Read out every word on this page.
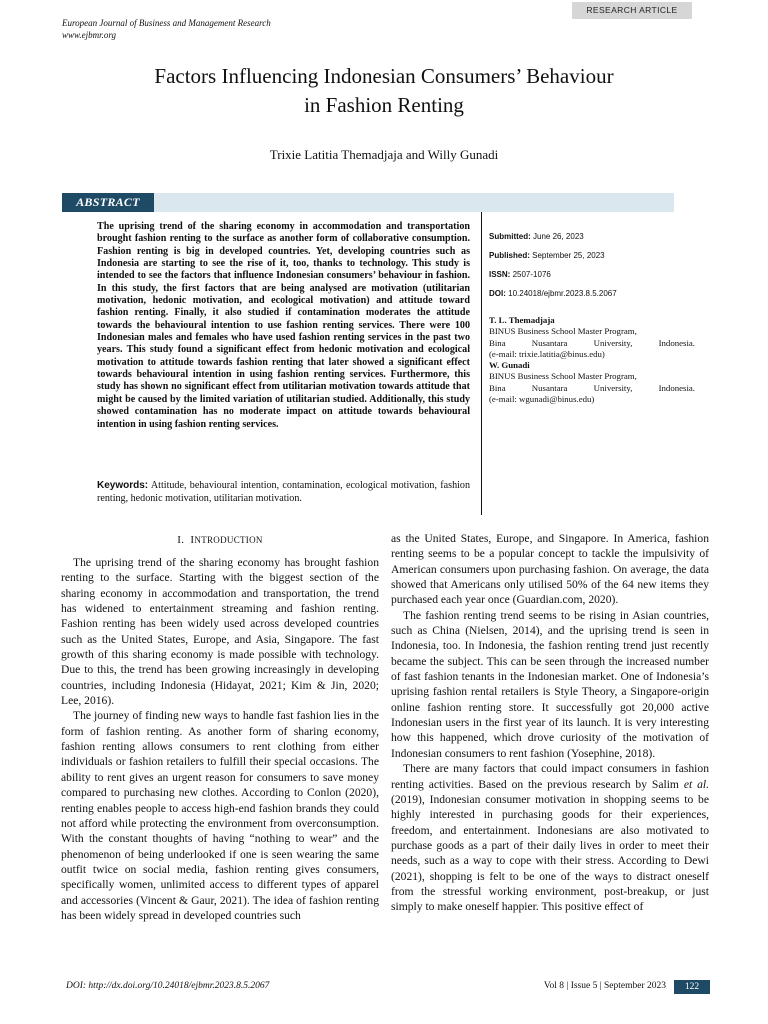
RESEARCH ARTICLE
European Journal of Business and Management Research
www.ejbmr.org
Factors Influencing Indonesian Consumers’ Behaviour
in Fashion Renting
Trixie Latitia Themadjaja and Willy Gunadi
ABSTRACT
The uprising trend of the sharing economy in accommodation and transportation brought fashion renting to the surface as another form of collaborative consumption. Fashion renting is big in developed countries. Yet, developing countries such as Indonesia are starting to see the rise of it, too, thanks to technology. This study is intended to see the factors that influence Indonesian consumers’ behaviour in fashion. In this study, the first factors that are being analysed are motivation (utilitarian motivation, hedonic motivation, and ecological motivation) and attitude toward fashion renting. Finally, it also studied if contamination moderates the attitude towards the behavioural intention to use fashion renting services. There were 100 Indonesian males and females who have used fashion renting services in the past two years. This study found a significant effect from hedonic motivation and ecological motivation to attitude towards fashion renting that later showed a significant effect towards behavioural intention in using fashion renting services. Furthermore, this study has shown no significant effect from utilitarian motivation towards attitude that might be caused by the limited variation of utilitarian studied. Additionally, this study showed contamination has no moderate impact on attitude towards behavioural intention in using fashion renting services.
Keywords: Attitude, behavioural intention, contamination, ecological motivation, fashion renting, hedonic motivation, utilitarian motivation.
Submitted: June 26, 2023
Published: September 25, 2023
ISSN: 2507-1076
DOI: 10.24018/ejbmr.2023.8.5.2067
T. L. Themadjaja
BINUS Business School Master Program,
Bina Nusantara University, Indonesia.
(e-mail: trixie.latitia@binus.edu)
W. Gunadi
BINUS Business School Master Program,
Bina Nusantara University, Indonesia.
(e-mail: wgunadi@binus.edu)
I. INTRODUCTION

The uprising trend of the sharing economy has brought fashion renting to the surface. Starting with the biggest section of the sharing economy in accommodation and transportation, the trend has widened to entertainment streaming and fashion renting. Fashion renting has been widely used across developed countries such as the United States, Europe, and Asia, Singapore. The fast growth of this sharing economy is made possible with technology. Due to this, the trend has been growing increasingly in developing countries, including Indonesia (Hidayat, 2021; Kim & Jin, 2020; Lee, 2016).

The journey of finding new ways to handle fast fashion lies in the form of fashion renting. As another form of sharing economy, fashion renting allows consumers to rent clothing from either individuals or fashion retailers to fulfill their special occasions. The ability to rent gives an urgent reason for consumers to save money compared to purchasing new clothes. According to Conlon (2020), renting enables people to access high-end fashion brands they could not afford while protecting the environment from overconsumption. With the constant thoughts of having “nothing to wear” and the phenomenon of being underlooked if one is seen wearing the same outfit twice on social media, fashion renting gives consumers, specifically women, unlimited access to different types of apparel and accessories (Vincent & Gaur, 2021). The idea of fashion renting has been widely spread in developed countries such

as the United States, Europe, and Singapore. In America, fashion renting seems to be a popular concept to tackle the impulsivity of American consumers upon purchasing fashion. On average, the data showed that Americans only utilised 50% of the 64 new items they purchased each year once (Guardian.com, 2020).

The fashion renting trend seems to be rising in Asian countries, such as China (Nielsen, 2014), and the uprising trend is seen in Indonesia, too. In Indonesia, the fashion renting trend just recently became the subject. This can be seen through the increased number of fast fashion tenants in the Indonesian market. One of Indonesia’s uprising fashion rental retailers is Style Theory, a Singapore-origin online fashion renting store. It successfully got 20,000 active Indonesian users in the first year of its launch. It is very interesting how this happened, which drove curiosity of the motivation of Indonesian consumers to rent fashion (Yosephine, 2018).

There are many factors that could impact consumers in fashion renting activities. Based on the previous research by Salim et al. (2019), Indonesian consumer motivation in shopping seems to be highly interested in purchasing goods for their experiences, freedom, and entertainment. Indonesians are also motivated to purchase goods as a part of their daily lives in order to meet their needs, such as a way to cope with their stress. According to Dewi (2021), shopping is felt to be one of the ways to distract oneself from the stressful working environment, post-breakup, or just simply to make oneself happier. This positive effect of

DOI: http://dx.doi.org/10.24018/ejbmr.2023.8.5.2067	Vol 8 | Issue 5 | September 2023	122
